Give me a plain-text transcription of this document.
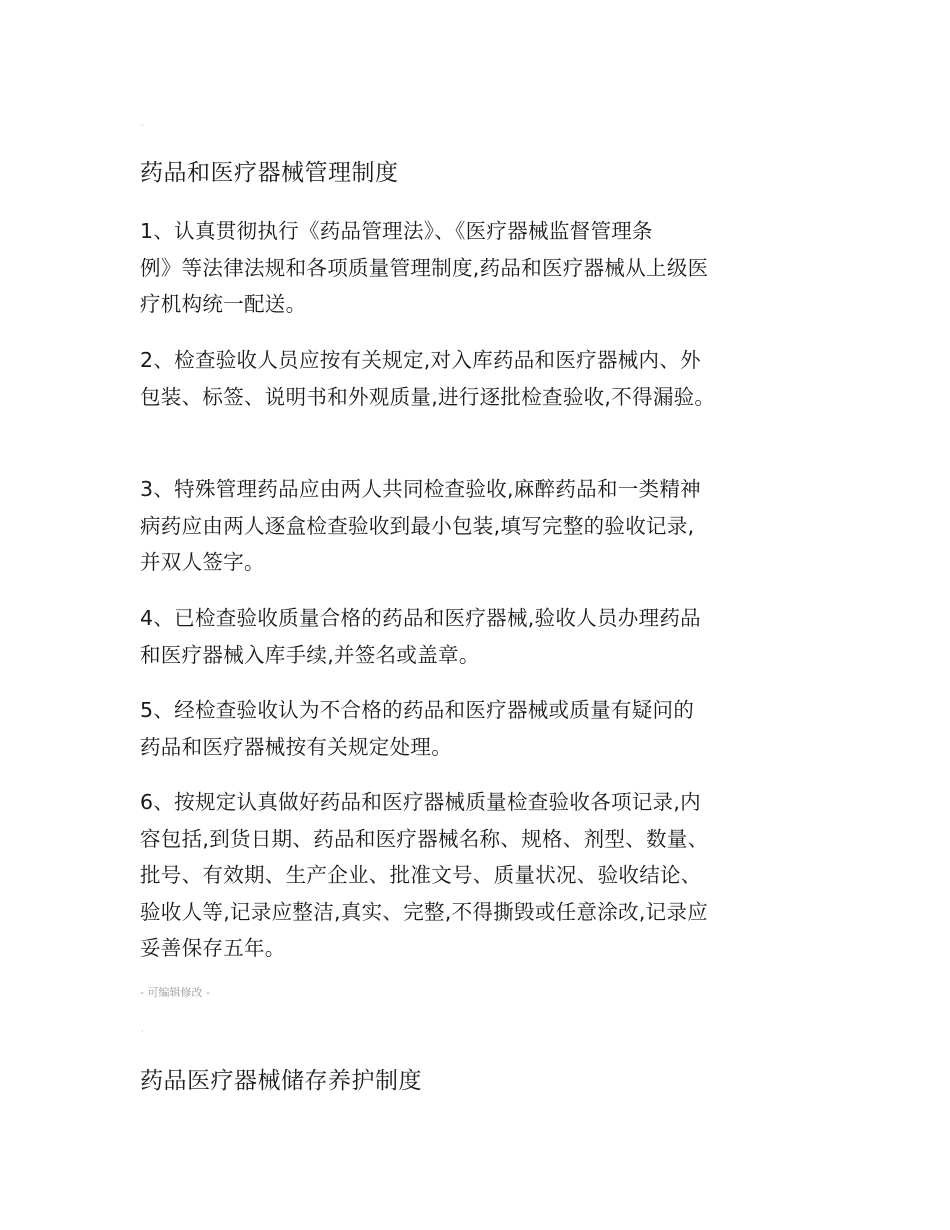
·
药品和医疗器械管理制度
1、认真贯彻执行《药品管理法》、《医疗器械监督管理条
例》等法律法规和各项质量管理制度,药品和医疗器械从上级医
疗机构统一配送。
2、检查验收人员应按有关规定,对入库药品和医疗器械内、外
包装、标签、说明书和外观质量,进行逐批检查验收,不得漏验。
3、特殊管理药品应由两人共同检查验收,麻醉药品和一类精神
病药应由两人逐盒检查验收到最小包装,填写完整的验收记录,
并双人签字。
4、已检查验收质量合格的药品和医疗器械,验收人员办理药品
和医疗器械入库手续,并签名或盖章。
5、经检查验收认为不合格的药品和医疗器械或质量有疑问的
药品和医疗器械按有关规定处理。
6、按规定认真做好药品和医疗器械质量检查验收各项记录,内
容包括,到货日期、药品和医疗器械名称、规格、剂型、数量、
批号、有效期、生产企业、批准文号、质量状况、验收结论、
验收人等,记录应整洁,真实、完整,不得撕毁或任意涂改,记录应
妥善保存五年。
- 可编辑修改 -
·
药品医疗器械储存养护制度
